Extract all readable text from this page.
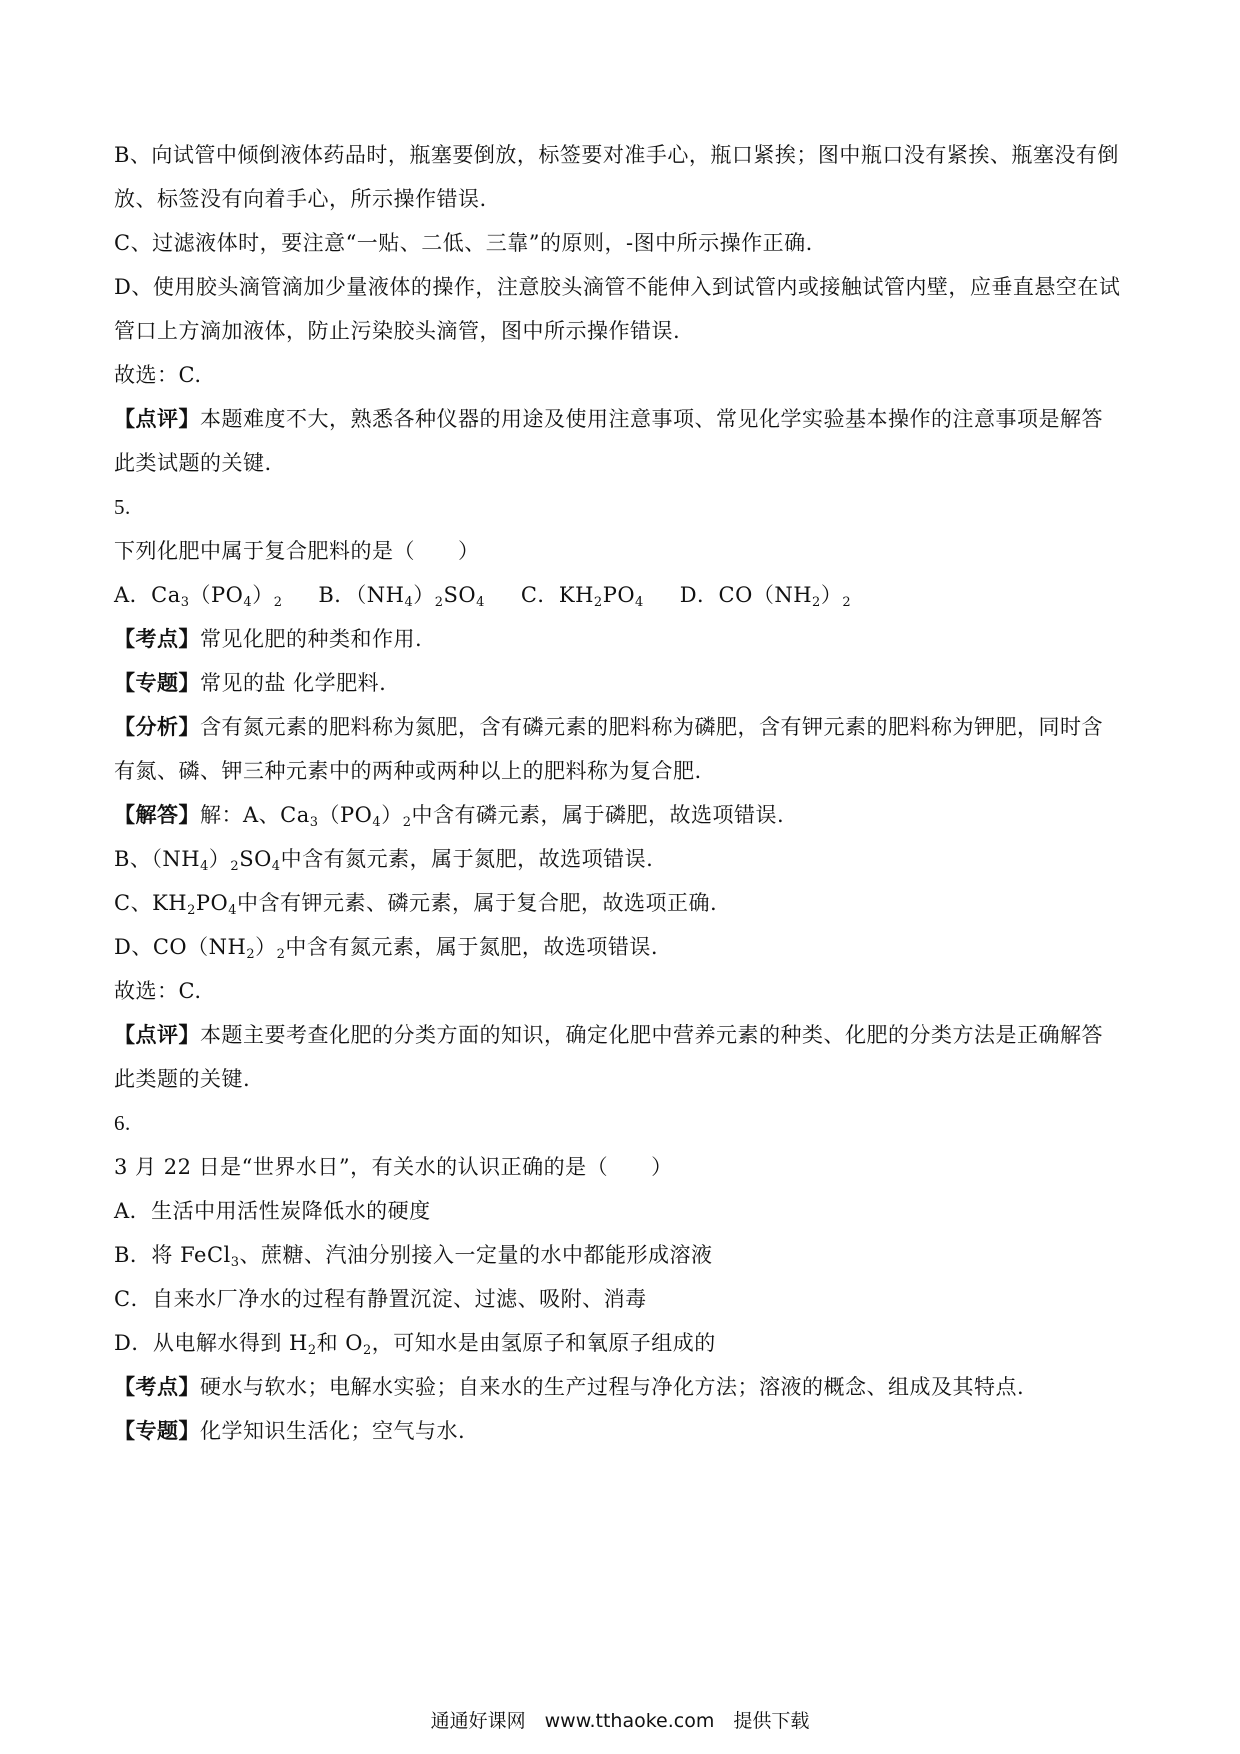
B、向试管中倾倒液体药品时，瓶塞要倒放，标签要对准手心，瓶口紧挨；图中瓶口没有紧挨、瓶塞没有倒
放、标签没有向着手心，所示操作错误.
C、过滤液体时，要注意“一贴、二低、三靠”的原则，-图中所示操作正确.
D、使用胶头滴管滴加少量液体的操作，注意胶头滴管不能伸入到试管内或接触试管内壁，应垂直悬空在试
管口上方滴加液体，防止污染胶头滴管，图中所示操作错误.
故选：C.
【点评】本题难度不大，熟悉各种仪器的用途及使用注意事项、常见化学实验基本操作的注意事项是解答
此类试题的关键.
5.
下列化肥中属于复合肥料的是（　　）
A．$Ca_3(PO_4)_2$ B．$(NH_4)_2SO_4$ C．$KH_2PO_4$ D．$CO(NH_2)_2$
【考点】常见化肥的种类和作用.
【专题】常见的盐 化学肥料.
【分析】含有氮元素的肥料称为氮肥，含有磷元素的肥料称为磷肥，含有钾元素的肥料称为钾肥，同时含
有氮、磷、钾三种元素中的两种或两种以上的肥料称为复合肥.
【解答】解：A、$Ca_3(PO_4)_2$中含有磷元素，属于磷肥，故选项错误.
B、$(NH_4)_2SO_4$中含有氮元素，属于氮肥，故选项错误.
C、$KH_2PO_4$中含有钾元素、磷元素，属于复合肥，故选项正确.
D、$CO(NH_2)_2$中含有氮元素，属于氮肥，故选项错误.
故选：C.
【点评】本题主要考查化肥的分类方面的知识，确定化肥中营养元素的种类、化肥的分类方法是正确解答
此类题的关键.
6.
3 月 22 日是“世界水日”，有关水的认识正确的是（　　）
A．生活中用活性炭降低水的硬度
B．将 FeCl$_3$、蔗糖、汽油分别接入一定量的水中都能形成溶液
C．自来水厂净水的过程有静置沉淀、过滤、吸附、消毒
D．从电解水得到 $H_2$和 $O_2$，可知水是由氢原子和氧原子组成的
【考点】硬水与软水；电解水实验；自来水的生产过程与净化方法；溶液的概念、组成及其特点.
【专题】化学知识生活化；空气与水.
通通好课网　www.tthaoke.com　提供下载
